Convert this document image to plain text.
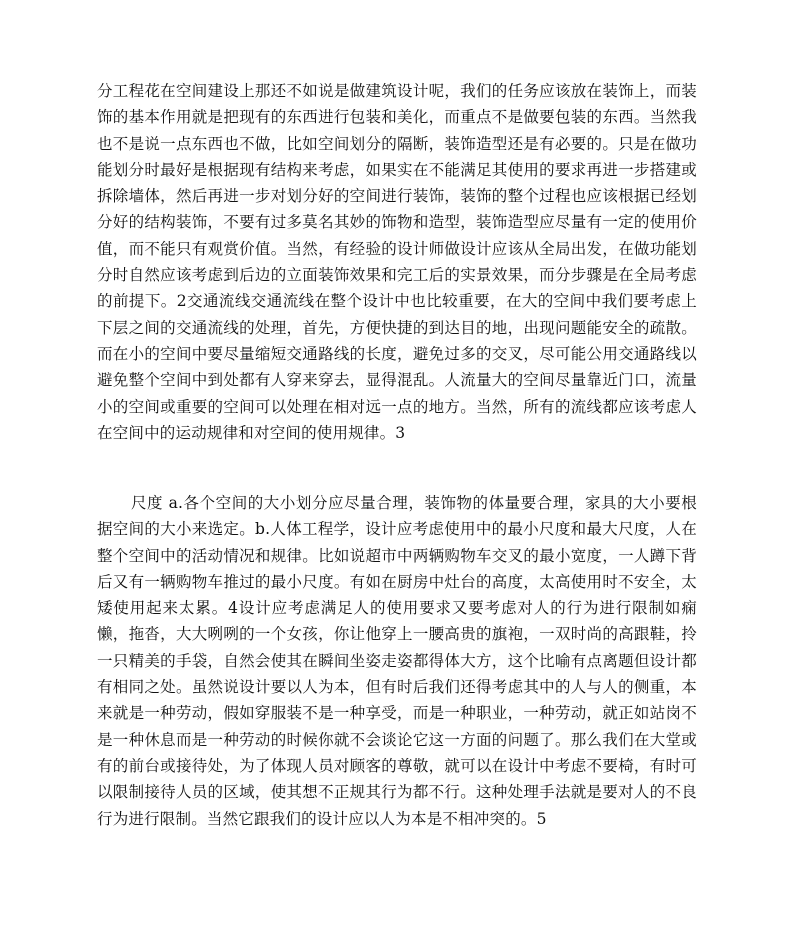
分工程花在空间建设上那还不如说是做建筑设计呢，我们的任务应该放在装饰上，而装饰的基本作用就是把现有的东西进行包装和美化，而重点不是做要包装的东西。当然我也不是说一点东西也不做，比如空间划分的隔断，装饰造型还是有必要的。只是在做功能划分时最好是根据现有结构来考虑，如果实在不能满足其使用的要求再进一步搭建或拆除墙体，然后再进一步对划分好的空间进行装饰，装饰的整个过程也应该根据已经划分好的结构装饰，不要有过多莫名其妙的饰物和造型，装饰造型应尽量有一定的使用价值，而不能只有观赏价值。当然，有经验的设计师做设计应该从全局出发，在做功能划分时自然应该考虑到后边的立面装饰效果和完工后的实景效果，而分步骤是在全局考虑的前提下。2交通流线交通流线在整个设计中也比较重要，在大的空间中我们要考虑上下层之间的交通流线的处理，首先，方便快捷的到达目的地，出现问题能安全的疏散。而在小的空间中要尽量缩短交通路线的长度，避免过多的交叉，尽可能公用交通路线以避免整个空间中到处都有人穿来穿去，显得混乱。人流量大的空间尽量靠近门口，流量小的空间或重要的空间可以处理在相对远一点的地方。当然，所有的流线都应该考虑人在空间中的运动规律和对空间的使用规律。3

尺度 a.各个空间的大小划分应尽量合理，装饰物的体量要合理，家具的大小要根据空间的大小来选定。b.人体工程学，设计应考虑使用中的最小尺度和最大尺度，人在整个空间中的活动情况和规律。比如说超市中两辆购物车交叉的最小宽度，一人蹲下背后又有一辆购物车推过的最小尺度。有如在厨房中灶台的高度，太高使用时不安全，太矮使用起来太累。4设计应考虑满足人的使用要求又要考虑对人的行为进行限制如痫懒，拖沓，大大咧咧的一个女孩，你让他穿上一腰高贵的旗袍，一双时尚的高跟鞋，拎一只精美的手袋，自然会使其在瞬间坐姿走姿都得体大方，这个比喻有点离题但设计都有相同之处。虽然说设计要以人为本，但有时后我们还得考虑其中的人与人的侧重，本来就是一种劳动，假如穿服装不是一种享受，而是一种职业，一种劳动，就正如站岗不是一种休息而是一种劳动的时候你就不会谈论它这一方面的问题了。那么我们在大堂或有的前台或接待处，为了体现人员对顾客的尊敬，就可以在设计中考虑不要椅，有时可以限制接待人员的区域，使其想不正规其行为都不行。这种处理手法就是要对人的不良行为进行限制。当然它跟我们的设计应以人为本是不相冲突的。5
